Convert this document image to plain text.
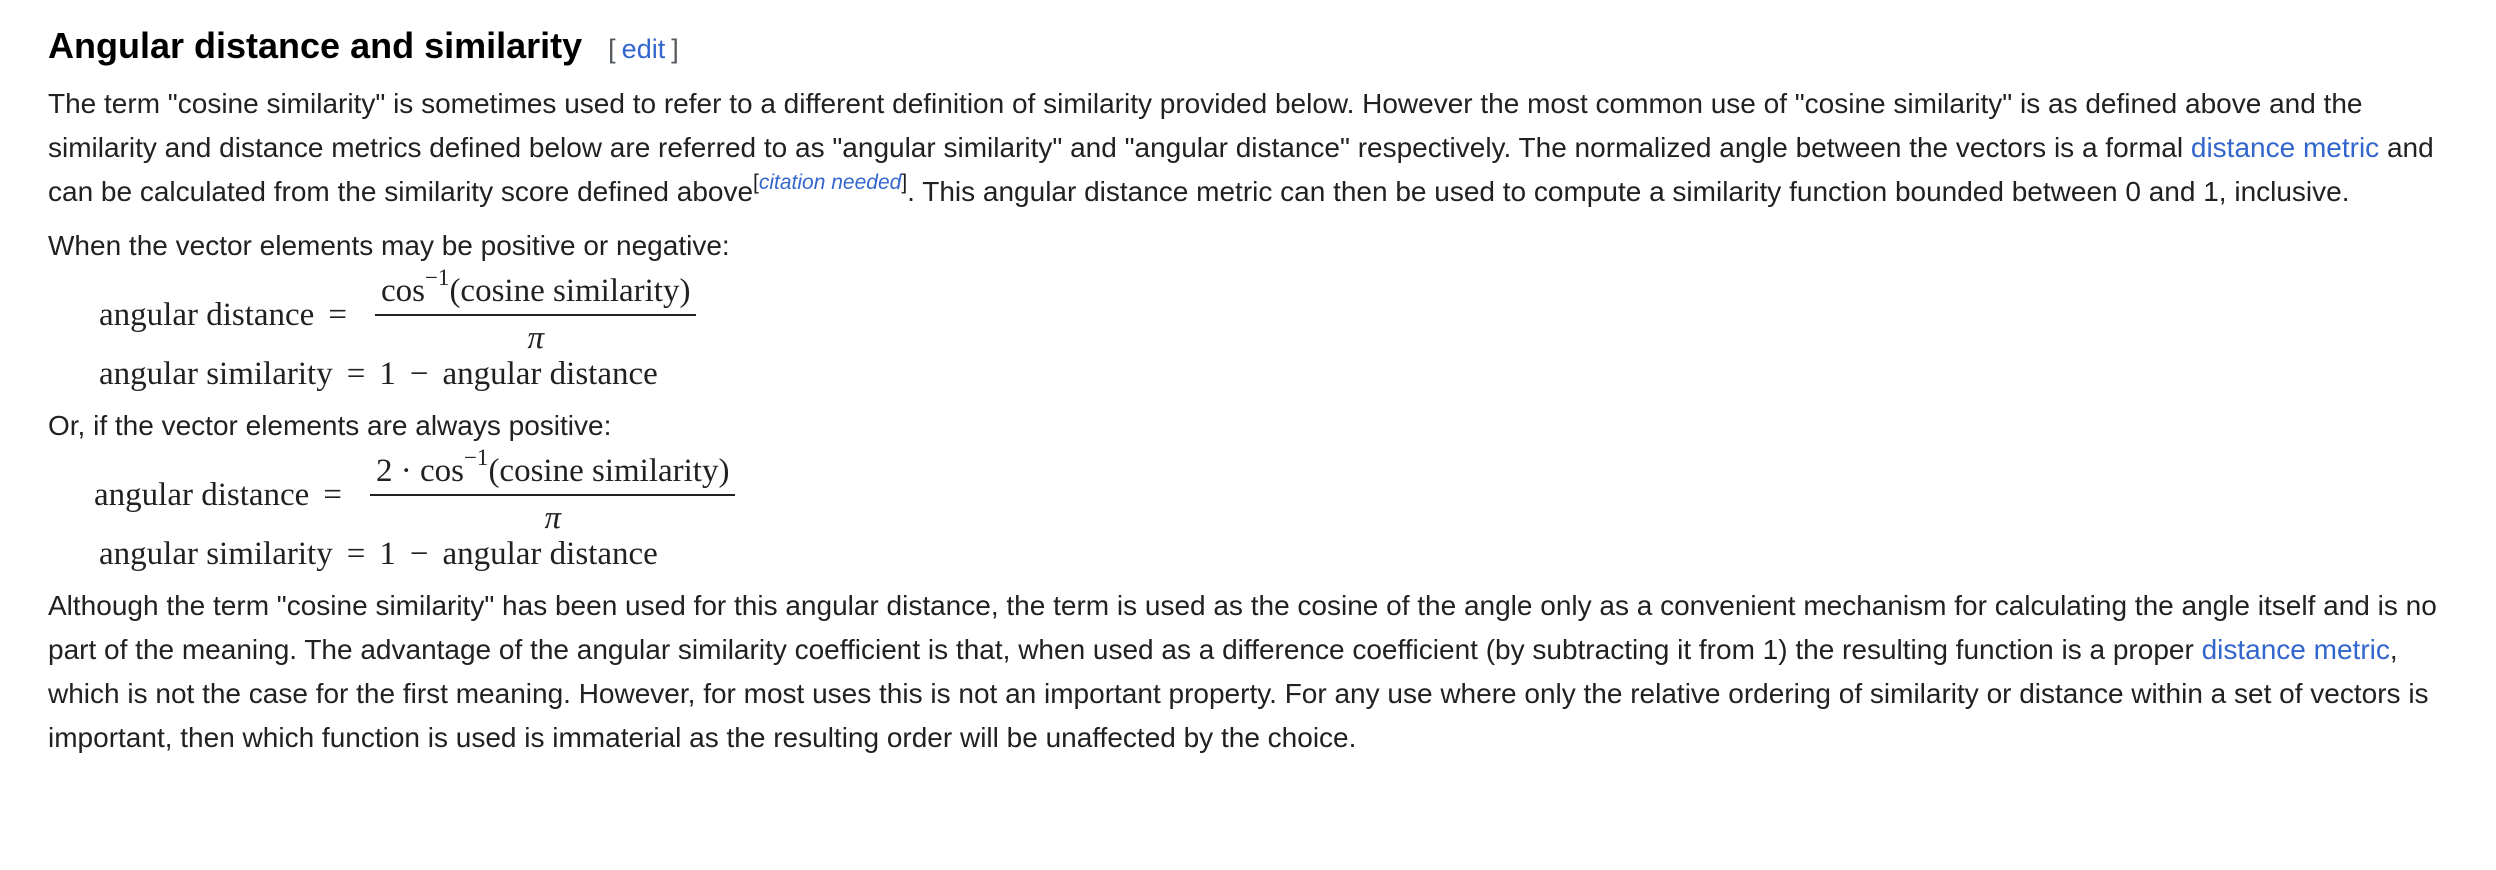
Angular distance and similarity [ edit ]

The term "cosine similarity" is sometimes used to refer to a different definition of similarity provided below. However the most common use of "cosine similarity" is as defined above and the similarity and distance metrics defined below are referred to as "angular similarity" and "angular distance" respectively. The normalized angle between the vectors is a formal distance metric and can be calculated from the similarity score defined above[citation needed]. This angular distance metric can then be used to compute a similarity function bounded between 0 and 1, inclusive.

When the vector elements may be positive or negative:

angular distance = $\frac{\cos^{-1}(cosine similarity)}{\pi}$
angular similarity = 1 − angular distance

Or, if the vector elements are always positive:

angular distance = $\frac{2 \cdot \cos^{-1}(cosine similarity)}{\pi}$
angular similarity = 1 − angular distance

Although the term "cosine similarity" has been used for this angular distance, the term is used as the cosine of the angle only as a convenient mechanism for calculating the angle itself and is no part of the meaning. The advantage of the angular similarity coefficient is that, when used as a difference coefficient (by subtracting it from 1) the resulting function is a proper distance metric, which is not the case for the first meaning. However, for most uses this is not an important property. For any use where only the relative ordering of similarity or distance within a set of vectors is important, then which function is used is immaterial as the resulting order will be unaffected by the choice.
